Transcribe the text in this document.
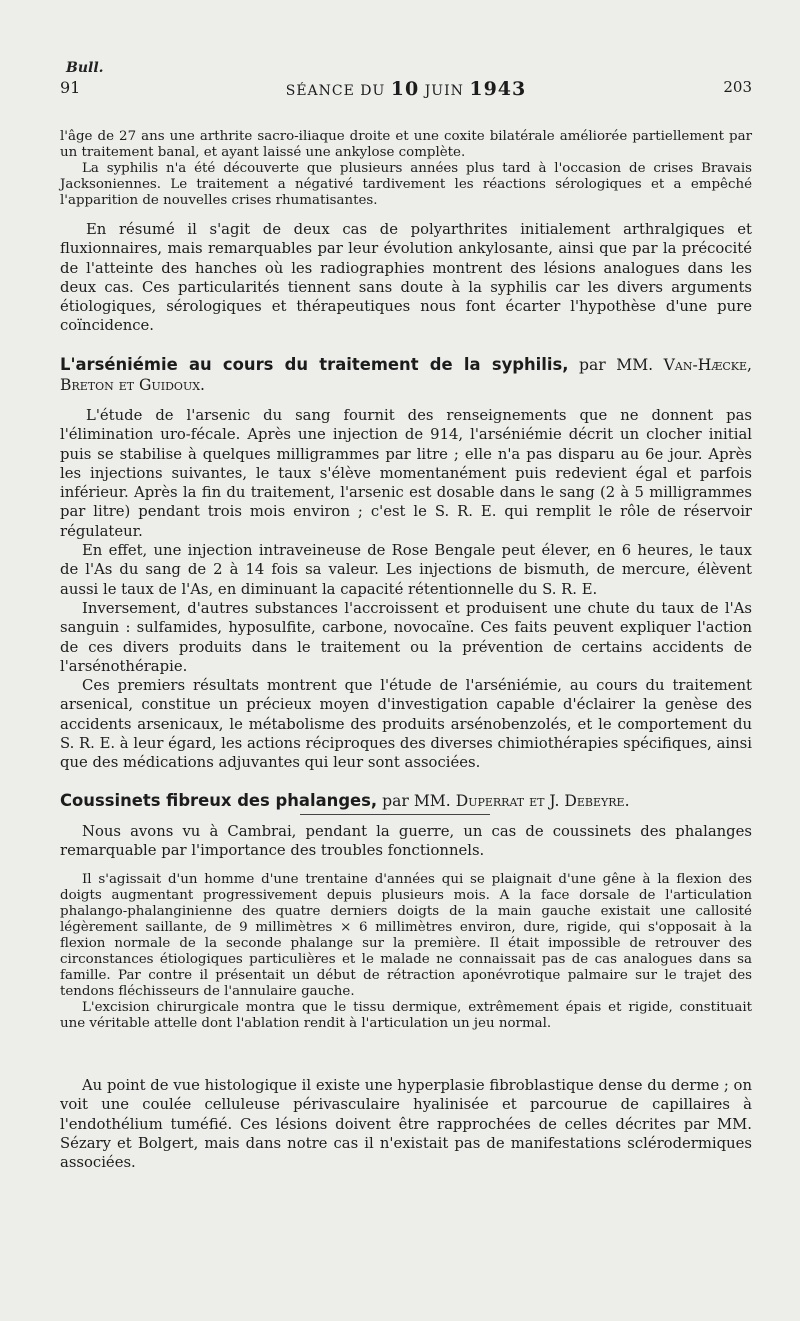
Bull.
91	SÉANCE DU 10 JUIN 1943	203

l'âge de 27 ans une arthrite sacro-iliaque droite et une coxite bilatérale améliorée partiellement par un traitement banal, et ayant laissé une ankylose complète.

La syphilis n'a été découverte que plusieurs années plus tard à l'occasion de crises Bravais Jacksoniennes. Le traitement a négativé tardivement les réactions sérologiques et a empêché l'apparition de nouvelles crises rhumatisantes.

En résumé il s'agit de deux cas de polyarthrites initialement arthralgiques et fluxionnaires, mais remarquables par leur évolution ankylosante, ainsi que par la précocité de l'atteinte des hanches où les radiographies montrent des lésions analogues dans les deux cas. Ces particularités tiennent sans doute à la syphilis car les divers arguments étiologiques, sérologiques et thérapeutiques nous font écarter l'hypothèse d'une pure coïncidence.
L'arséniémie au cours du traitement de la syphilis, par MM. Van-Hæcke, Breton et Guidoux.

L'étude de l'arsenic du sang fournit des renseignements que ne donnent pas l'élimination uro-fécale. Après une injection de 914, l'arséniémie décrit un clocher initial puis se stabilise à quelques milligrammes par litre ; elle n'a pas disparu au 6e jour. Après les injections suivantes, le taux s'élève momentanément puis redevient égal et parfois inférieur. Après la fin du traitement, l'arsenic est dosable dans le sang (2 à 5 milligrammes par litre) pendant trois mois environ ; c'est le S. R. E. qui remplit le rôle de réservoir régulateur.

En effet, une injection intraveineuse de Rose Bengale peut élever, en 6 heures, le taux de l'As du sang de 2 à 14 fois sa valeur. Les injections de bismuth, de mercure, élèvent aussi le taux de l'As, en diminuant la capacité rétentionnelle du S. R. E.

Inversement, d'autres substances l'accroissent et produisent une chute du taux de l'As sanguin : sulfamides, hyposulfite, carbone, novocaïne. Ces faits peuvent expliquer l'action de ces divers produits dans le traitement ou la prévention de certains accidents de l'arsénothérapie.

Ces premiers résultats montrent que l'étude de l'arséniémie, au cours du traitement arsenical, constitue un précieux moyen d'investigation capable d'éclairer la genèse des accidents arsenicaux, le métabolisme des produits arsénobenzolés, et le comportement du S. R. E. à leur égard, les actions réciproques des diverses chimiothérapies spécifiques, ainsi que des médications adjuvantes qui leur sont associées.

Coussinets fibreux des phalanges, par MM. Duperrat et J. Debeyre.
Nous avons vu à Cambrai, pendant la guerre, un cas de coussinets des phalanges remarquable par l'importance des troubles fonctionnels.

Il s'agissait d'un homme d'une trentaine d'années qui se plaignait d'une gêne à la flexion des doigts augmentant progressivement depuis plusieurs mois. A la face dorsale de l'articulation phalango-phalanginienne des quatre derniers doigts de la main gauche existait une callosité légèrement saillante, de 9 millimètres × 6 millimètres environ, dure, rigide, qui s'opposait à la flexion normale de la seconde phalange sur la première. Il était impossible de retrouver des circonstances étiologiques particulières et le malade ne connaissait pas de cas analogues dans sa famille. Par contre il présentait un début de rétraction aponévrotique palmaire sur le trajet des tendons fléchisseurs de l'annulaire gauche.

L'excision chirurgicale montra que le tissu dermique, extrêmement épais et rigide, constituait une véritable attelle dont l'ablation rendit à l'articulation un jeu normal.

Au point de vue histologique il existe une hyperplasie fibroblastique dense du derme ; on voit une coulée celluleuse périvasculaire hyalinisée et parcourue de capillaires à l'endothélium tuméfié. Ces lésions doivent être rapprochées de celles décrites par MM. Sézary et Bolgert, mais dans notre cas il n'existait pas de manifestations sclérodermiques associées.
